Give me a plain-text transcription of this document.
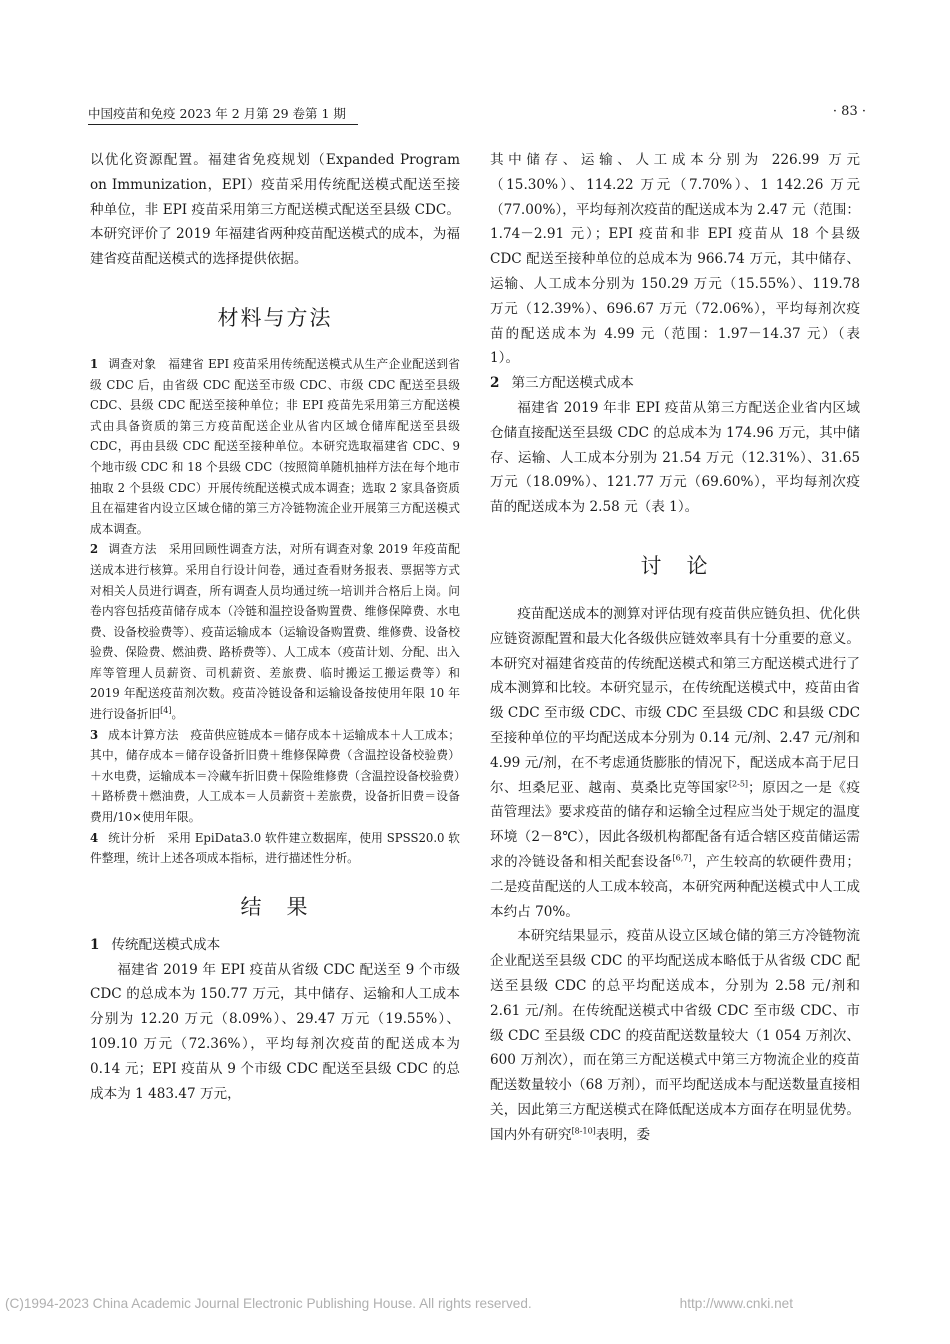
中国疫苗和免疫 2023 年 2 月第 29 卷第 1 期	· 83 ·

以优化资源配置。福建省免疫规划（Expanded Program on Immunization，EPI）疫苗采用传统配送模式配送至接种单位，非 EPI 疫苗采用第三方配送模式配送至县级 CDC。本研究评价了 2019 年福建省两种疫苗配送模式的成本，为福建省疫苗配送模式的选择提供依据。

材料与方法

1 调查对象 福建省 EPI 疫苗采用传统配送模式从生产企业配送到省级 CDC 后，由省级 CDC 配送至市级 CDC、市级 CDC 配送至县级 CDC、县级 CDC 配送至接种单位；非 EPI 疫苗先采用第三方配送模式由具备资质的第三方疫苗配送企业从省内区域仓储库配送至县级 CDC，再由县级 CDC 配送至接种单位。本研究选取福建省 CDC、9 个地市级 CDC 和 18 个县级 CDC（按照简单随机抽样方法在每个地市抽取 2 个县级 CDC）开展传统配送模式成本调查；选取 2 家具备资质且在福建省内设立区域仓储的第三方冷链物流企业开展第三方配送模式成本调查。

2 调查方法 采用回顾性调查方法，对所有调查对象 2019 年疫苗配送成本进行核算。采用自行设计问卷，通过查看财务报表、票据等方式对相关人员进行调查，所有调查人员均通过统一培训并合格后上岗。问卷内容包括疫苗储存成本（冷链和温控设备购置费、维修保障费、水电费、设备校验费等）、疫苗运输成本（运输设备购置费、维修费、设备校验费、保险费、燃油费、路桥费等）、人工成本（疫苗计划、分配、出入库等管理人员薪资、司机薪资、差旅费、临时搬运工搬运费等）和 2019 年配送疫苗剂次数。疫苗冷链设备和运输设备按使用年限 10 年进行设备折旧[4]。

3 成本计算方法 疫苗供应链成本＝储存成本＋运输成本＋人工成本；其中，储存成本＝储存设备折旧费＋维修保障费（含温控设备校验费）＋水电费，运输成本＝冷藏车折旧费＋保险维修费（含温控设备校验费）＋路桥费＋燃油费，人工成本＝人员薪资＋差旅费，设备折旧费＝设备费用/10×使用年限。

4 统计分析 采用 EpiData3.0 软件建立数据库，使用 SPSS20.0 软件整理，统计上述各项成本指标，进行描述性分析。

结　果

1 传统配送模式成本

福建省 2019 年 EPI 疫苗从省级 CDC 配送至 9 个市级 CDC 的总成本为 150.77 万元，其中储存、运输和人工成本分别为 12.20 万元（8.09%）、29.47 万元（19.55%）、109.10 万元（72.36%），平均每剂次疫苗的配送成本为 0.14 元；EPI 疫苗从 9 个市级 CDC 配送至县级 CDC 的总成本为 1 483.47 万元，

其中储存、运输、人工成本分别为 226.99 万元（15.30%）、114.22 万元（7.70%）、1 142.26 万元（77.00%），平均每剂次疫苗的配送成本为 2.47 元（范围：1.74－2.91 元）；EPI 疫苗和非 EPI 疫苗从 18 个县级 CDC 配送至接种单位的总成本为 966.74 万元，其中储存、运输、人工成本分别为 150.29 万元（15.55%）、119.78 万元（12.39%）、696.67 万元（72.06%），平均每剂次疫苗的配送成本为 4.99 元（范围：1.97－14.37 元）（表 1）。

2 第三方配送模式成本

福建省 2019 年非 EPI 疫苗从第三方配送企业省内区域仓储直接配送至县级 CDC 的总成本为 174.96 万元，其中储存、运输、人工成本分别为 21.54 万元（12.31%）、31.65 万元（18.09%）、121.77 万元（69.60%），平均每剂次疫苗的配送成本为 2.58 元（表 1）。

讨　论

疫苗配送成本的测算对评估现有疫苗供应链负担、优化供应链资源配置和最大化各级供应链效率具有十分重要的意义。本研究对福建省疫苗的传统配送模式和第三方配送模式进行了成本测算和比较。本研究显示，在传统配送模式中，疫苗由省级 CDC 至市级 CDC、市级 CDC 至县级 CDC 和县级 CDC 至接种单位的平均配送成本分别为 0.14 元/剂、2.47 元/剂和 4.99 元/剂，在不考虑通货膨胀的情况下，配送成本高于尼日尔、坦桑尼亚、越南、莫桑比克等国家[2-5]；原因之一是《疫苗管理法》要求疫苗的储存和运输全过程应当处于规定的温度环境（2－8℃），因此各级机构都配备有适合辖区疫苗储运需求的冷链设备和相关配套设备[6,7]，产生较高的软硬件费用；二是疫苗配送的人工成本较高，本研究两种配送模式中人工成本约占 70%。

本研究结果显示，疫苗从设立区域仓储的第三方冷链物流企业配送至县级 CDC 的平均配送成本略低于从省级 CDC 配送至县级 CDC 的总平均配送成本，分别为 2.58 元/剂和 2.61 元/剂。在传统配送模式中省级 CDC 至市级 CDC、市级 CDC 至县级 CDC 的疫苗配送数量较大（1 054 万剂次、600 万剂次），而在第三方配送模式中第三方物流企业的疫苗配送数量较小（68 万剂），而平均配送成本与配送数量直接相关，因此第三方配送模式在降低配送成本方面存在明显优势。国内外有研究[8-10]表明，委

(C)1994-2023 China Academic Journal Electronic Publishing House. All rights reserved.	http://www.cnki.net
